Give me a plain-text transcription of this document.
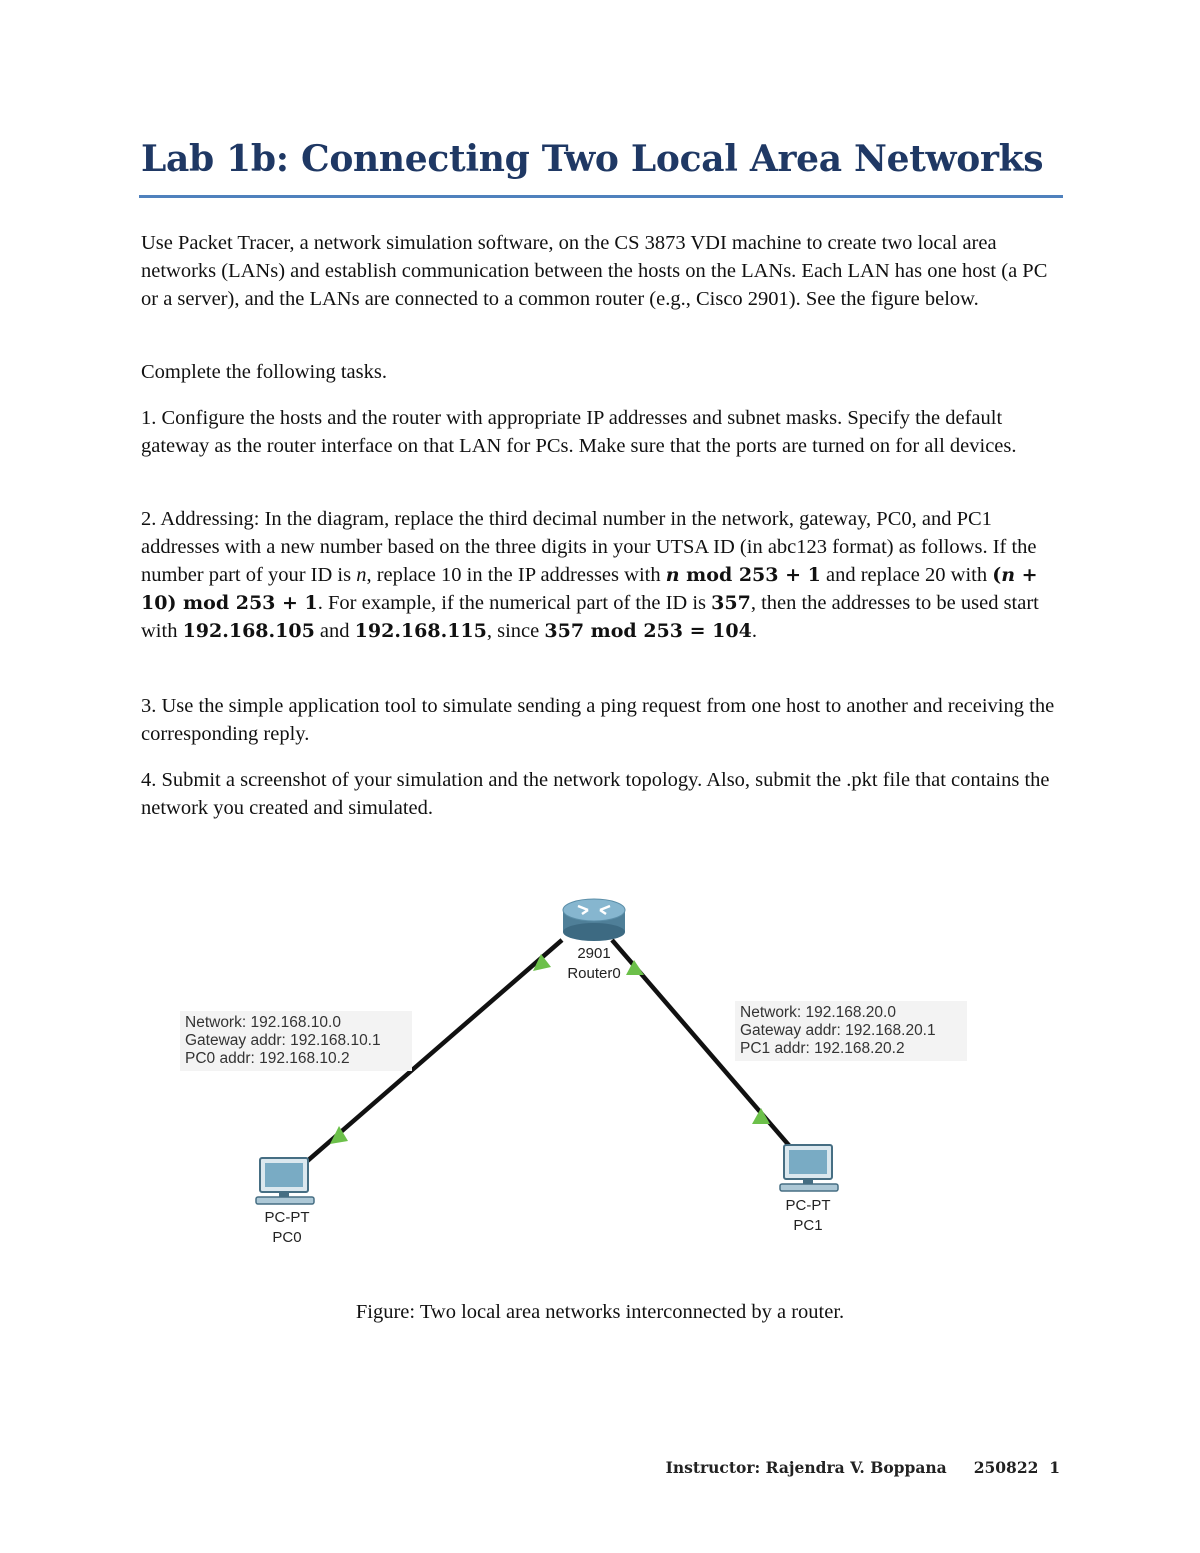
Lab 1b: Connecting Two Local Area Networks

Use Packet Tracer, a network simulation software, on the CS 3873 VDI machine to create two local area networks (LANs) and establish communication between the hosts on the LANs. Each LAN has one host (a PC or a server), and the LANs are connected to a common router (e.g., Cisco 2901). See the figure below.

Complete the following tasks.

1. Configure the hosts and the router with appropriate IP addresses and subnet masks. Specify the default gateway as the router interface on that LAN for PCs. Make sure that the ports are turned on for all devices.

2. Addressing: In the diagram, replace the third decimal number in the network, gateway, PC0, and PC1 addresses with a new number based on the three digits in your UTSA ID (in abc123 format) as follows. If the number part of your ID is n, replace 10 in the IP addresses with n mod 253 + 1 and replace 20 with (n + 10) mod 253 + 1. For example, if the numerical part of the ID is 357, then the addresses to be used start with 192.168.105 and 192.168.115, since 357 mod 253 = 104.

3. Use the simple application tool to simulate sending a ping request from one host to another and receiving the corresponding reply.

4. Submit a screenshot of your simulation and the network topology. Also, submit the .pkt file that contains the network you created and simulated.

2901
Router0
PC-PT
PC0
PC-PT
PC1
Network: 192.168.10.0
Gateway addr: 192.168.10.1
PC0 addr: 192.168.10.2
Network: 192.168.20.0
Gateway addr: 192.168.20.1
PC1 addr: 192.168.20.2

Figure: Two local area networks interconnected by a router.

Instructor: Rajendra V. Boppana 250822 1
